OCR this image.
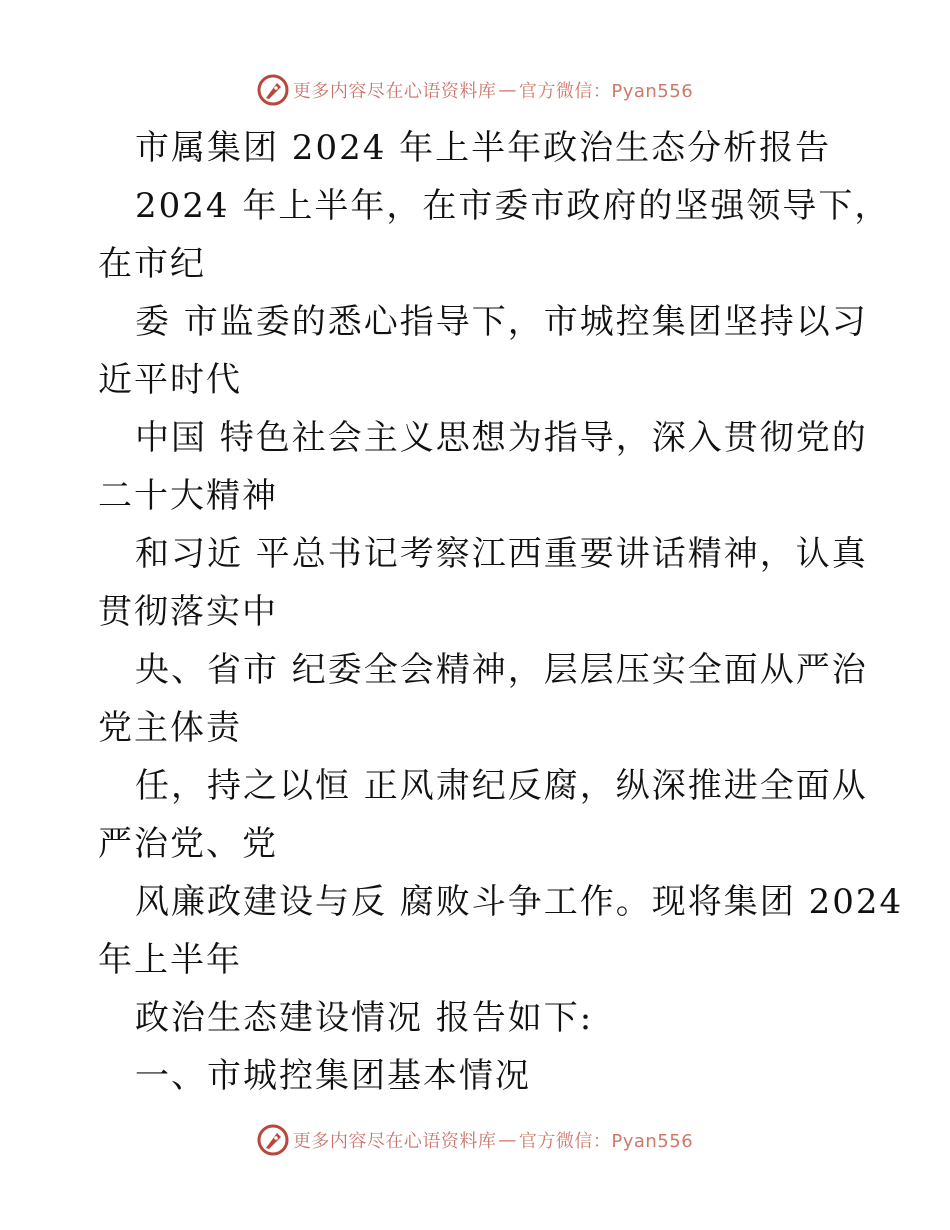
更多内容尽在心语资料库 — 官方微信：Pyan556
市属集团 2024 年上半年政治生态分析报告
2024 年上半年，在市委市政府的坚强领导下，
在市纪
委 市监委的悉心指导下，市城控集团坚持以习
近平时代
中国 特色社会主义思想为指导，深入贯彻党的
二十大精神
和习近 平总书记考察江西重要讲话精神，认真
贯彻落实中
央、省市 纪委全会精神，层层压实全面从严治
党主体责
任，持之以恒 正风肃纪反腐，纵深推进全面从
严治党、党
风廉政建设与反 腐败斗争工作。现将集团 2024
年上半年
政治生态建设情况 报告如下:
一、市城控集团基本情况
更多内容尽在心语资料库 — 官方微信：Pyan556
